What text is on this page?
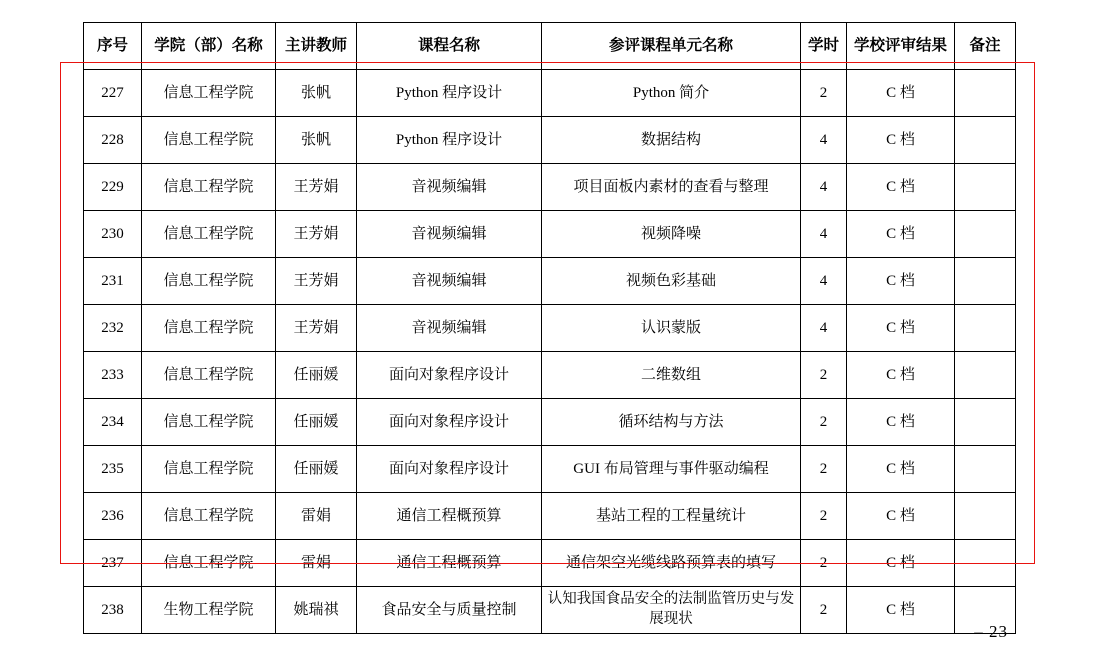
序号	学院（部）名称	主讲教师	课程名称	参评课程单元名称	学时	学校评审结果	备注
227	信息工程学院	张帆	Python 程序设计	Python 简介	2	C 档	
228	信息工程学院	张帆	Python 程序设计	数据结构	4	C 档	
229	信息工程学院	王芳娟	音视频编辑	项目面板内素材的查看与整理	4	C 档	
230	信息工程学院	王芳娟	音视频编辑	视频降噪	4	C 档	
231	信息工程学院	王芳娟	音视频编辑	视频色彩基础	4	C 档	
232	信息工程学院	王芳娟	音视频编辑	认识蒙版	4	C 档	
233	信息工程学院	任丽媛	面向对象程序设计	二维数组	2	C 档	
234	信息工程学院	任丽媛	面向对象程序设计	循环结构与方法	2	C 档	
235	信息工程学院	任丽媛	面向对象程序设计	GUI 布局管理与事件驱动编程	2	C 档	
236	信息工程学院	雷娟	通信工程概预算	基站工程的工程量统计	2	C 档	
237	信息工程学院	雷娟	通信工程概预算	通信架空光缆线路预算表的填写	2	C 档	
238	生物工程学院	姚瑞祺	食品安全与质量控制	认知我国食品安全的法制监管历史与发展现状	2	C 档	
– 23
